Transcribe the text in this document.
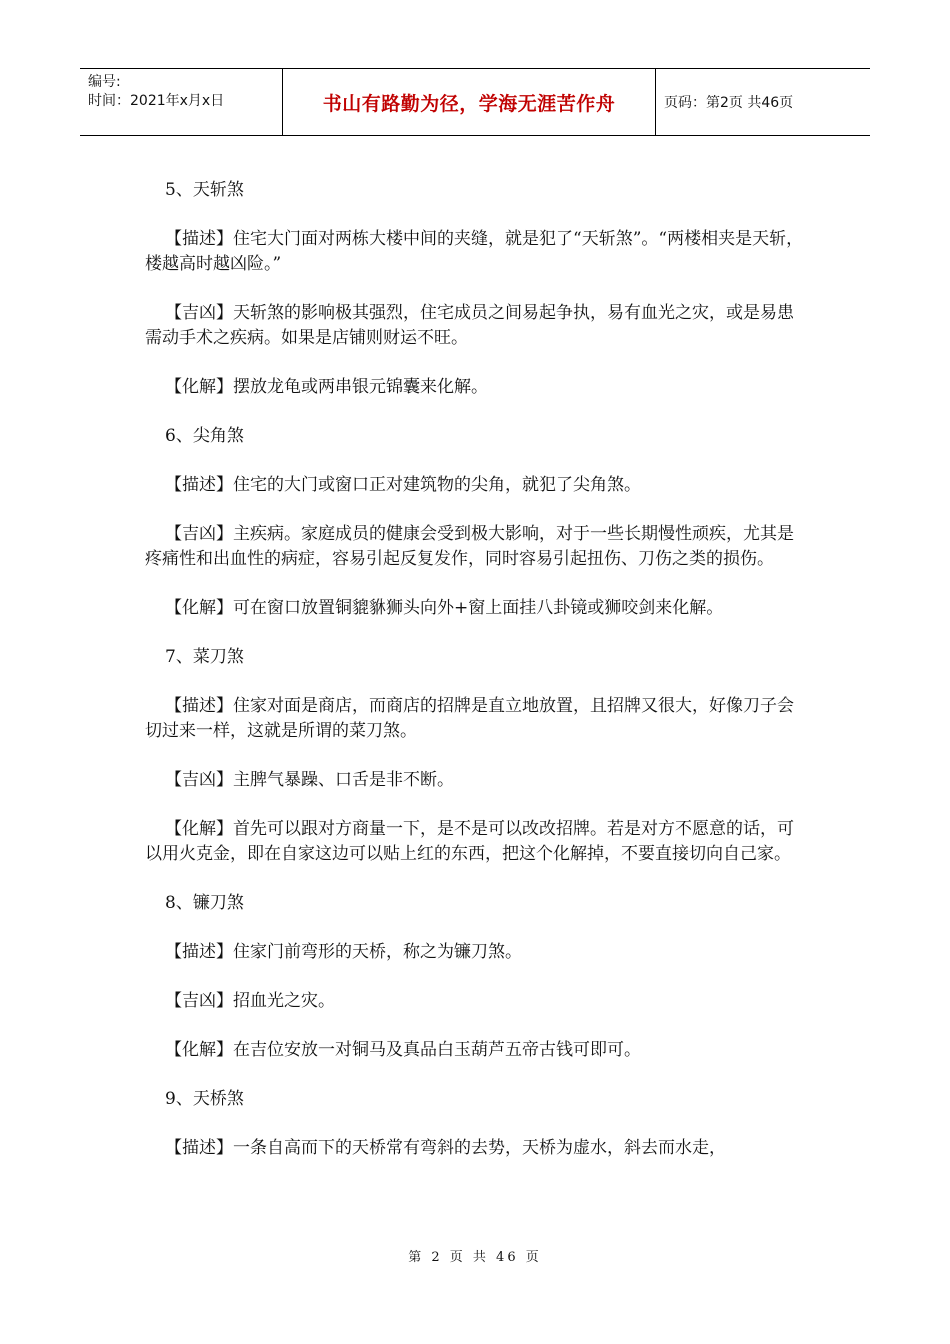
编号:
时间：2021年x月x日	书山有路勤为径，学海无涯苦作舟	页码：第2页 共46页
5、天斩煞
【描述】住宅大门面对两栋大楼中间的夹缝，就是犯了“天斩煞”。“两楼相夹是天斩，楼越高时越凶险。”
【吉凶】天斩煞的影响极其强烈，住宅成员之间易起争执，易有血光之灾，或是易患需动手术之疾病。如果是店铺则财运不旺。
【化解】摆放龙龟或两串银元锦囊来化解。
6、尖角煞
【描述】住宅的大门或窗口正对建筑物的尖角，就犯了尖角煞。
【吉凶】主疾病。家庭成员的健康会受到极大影响，对于一些长期慢性顽疾，尤其是疼痛性和出血性的病症，容易引起反复发作，同时容易引起扭伤、刀伤之类的损伤。
【化解】可在窗口放置铜貔貅狮头向外+窗上面挂八卦镜或狮咬剑来化解。
7、菜刀煞
【描述】住家对面是商店，而商店的招牌是直立地放置，且招牌又很大，好像刀子会切过来一样，这就是所谓的菜刀煞。
【吉凶】主脾气暴躁、口舌是非不断。
【化解】首先可以跟对方商量一下，是不是可以改改招牌。若是对方不愿意的话，可以用火克金，即在自家这边可以贴上红的东西，把这个化解掉，不要直接切向自己家。
8、镰刀煞
【描述】住家门前弯形的天桥，称之为镰刀煞。
【吉凶】招血光之灾。
【化解】在吉位安放一对铜马及真品白玉葫芦五帝古钱可即可。
9、天桥煞
【描述】一条自高而下的天桥常有弯斜的去势，天桥为虚水，斜去而水走，
第 2 页 共 46 页
